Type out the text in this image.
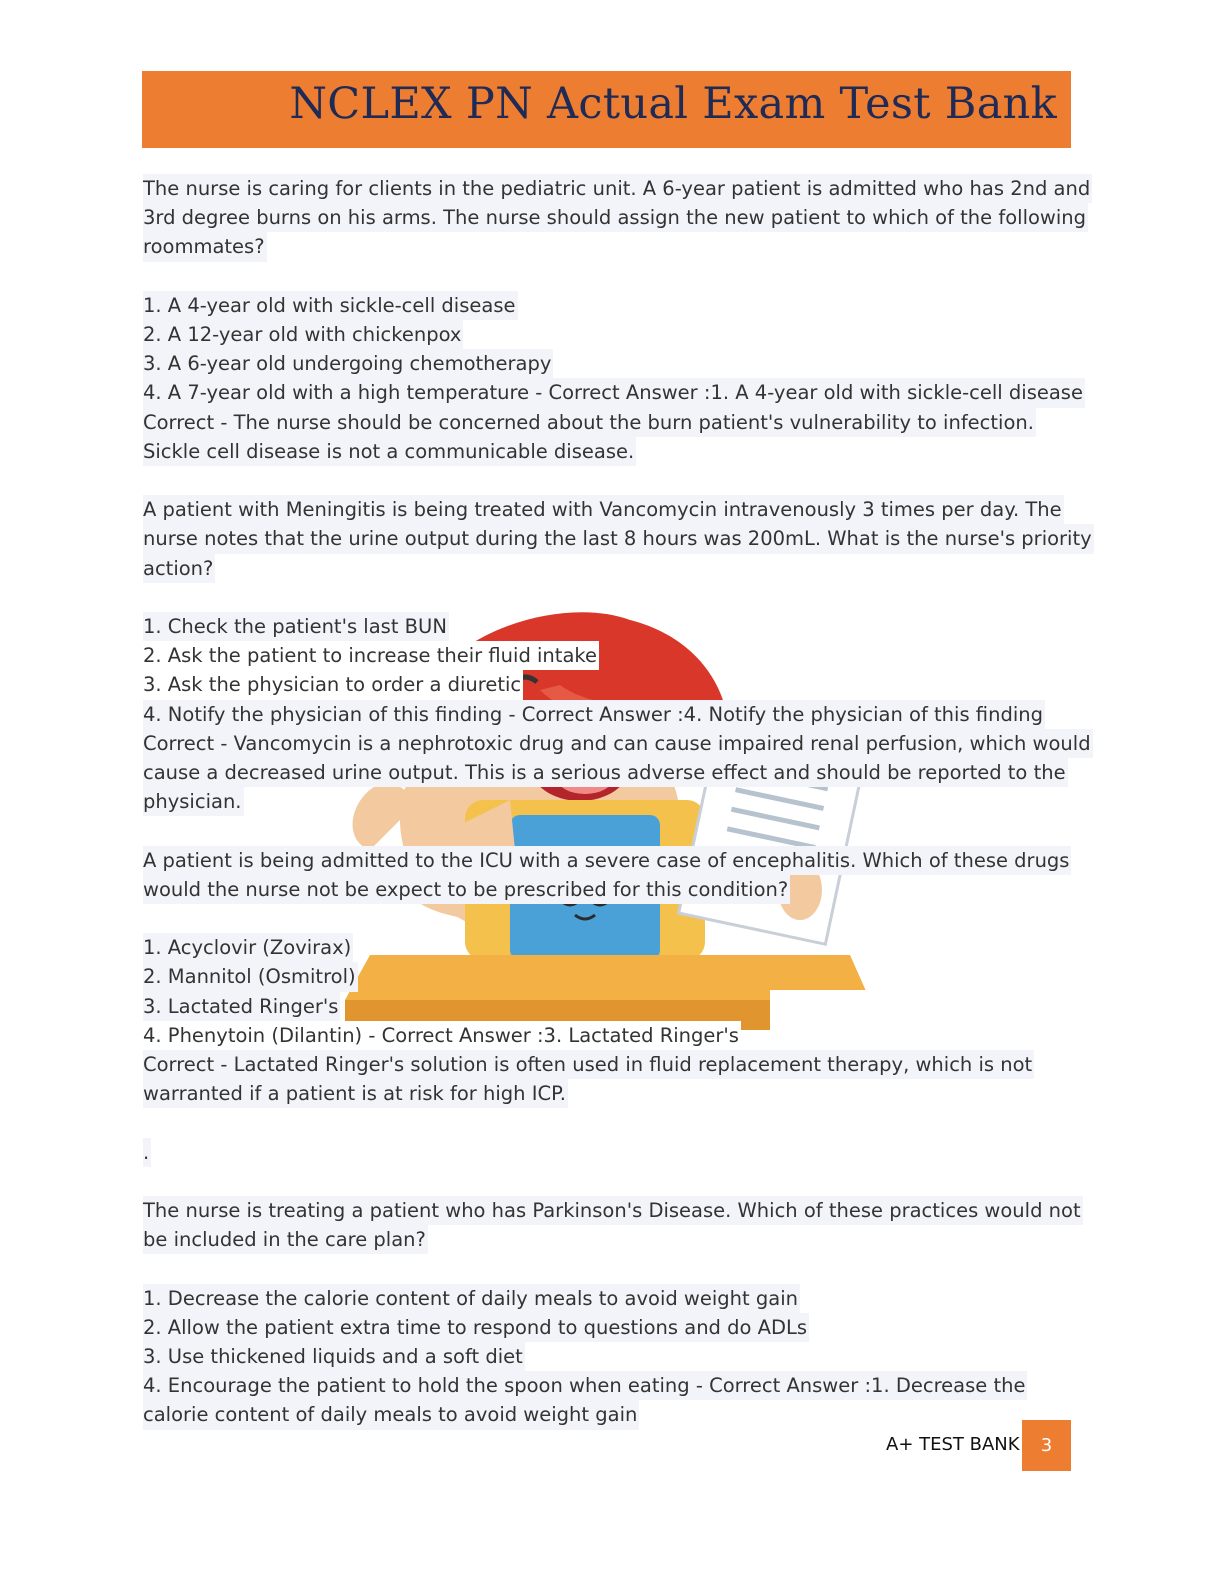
NCLEX PN Actual Exam Test Bank
The nurse is caring for clients in the pediatric unit. A 6-year patient is admitted who has 2nd and
3rd degree burns on his arms. The nurse should assign the new patient to which of the following
roommates?
1. A 4-year old with sickle-cell disease
2. A 12-year old with chickenpox
3. A 6-year old undergoing chemotherapy
4. A 7-year old with a high temperature - Correct Answer :1. A 4-year old with sickle-cell disease
Correct - The nurse should be concerned about the burn patient's vulnerability to infection.
Sickle cell disease is not a communicable disease.
A patient with Meningitis is being treated with Vancomycin intravenously 3 times per day. The
nurse notes that the urine output during the last 8 hours was 200mL. What is the nurse's priority
action?
1. Check the patient's last BUN
2. Ask the patient to increase their fluid intake
3. Ask the physician to order a diuretic
4. Notify the physician of this finding - Correct Answer :4. Notify the physician of this finding
Correct - Vancomycin is a nephrotoxic drug and can cause impaired renal perfusion, which would
cause a decreased urine output. This is a serious adverse effect and should be reported to the
physician.
A patient is being admitted to the ICU with a severe case of encephalitis. Which of these drugs
would the nurse not be expect to be prescribed for this condition?
1. Acyclovir (Zovirax)
2. Mannitol (Osmitrol)
3. Lactated Ringer's
4. Phenytoin (Dilantin) - Correct Answer :3. Lactated Ringer's
Correct - Lactated Ringer's solution is often used in fluid replacement therapy, which is not
warranted if a patient is at risk for high ICP.
.
The nurse is treating a patient who has Parkinson's Disease. Which of these practices would not
be included in the care plan?
1. Decrease the calorie content of daily meals to avoid weight gain
2. Allow the patient extra time to respond to questions and do ADLs
3. Use thickened liquids and a soft diet
4. Encourage the patient to hold the spoon when eating - Correct Answer :1. Decrease the
calorie content of daily meals to avoid weight gain
A+ TEST BANK	3
